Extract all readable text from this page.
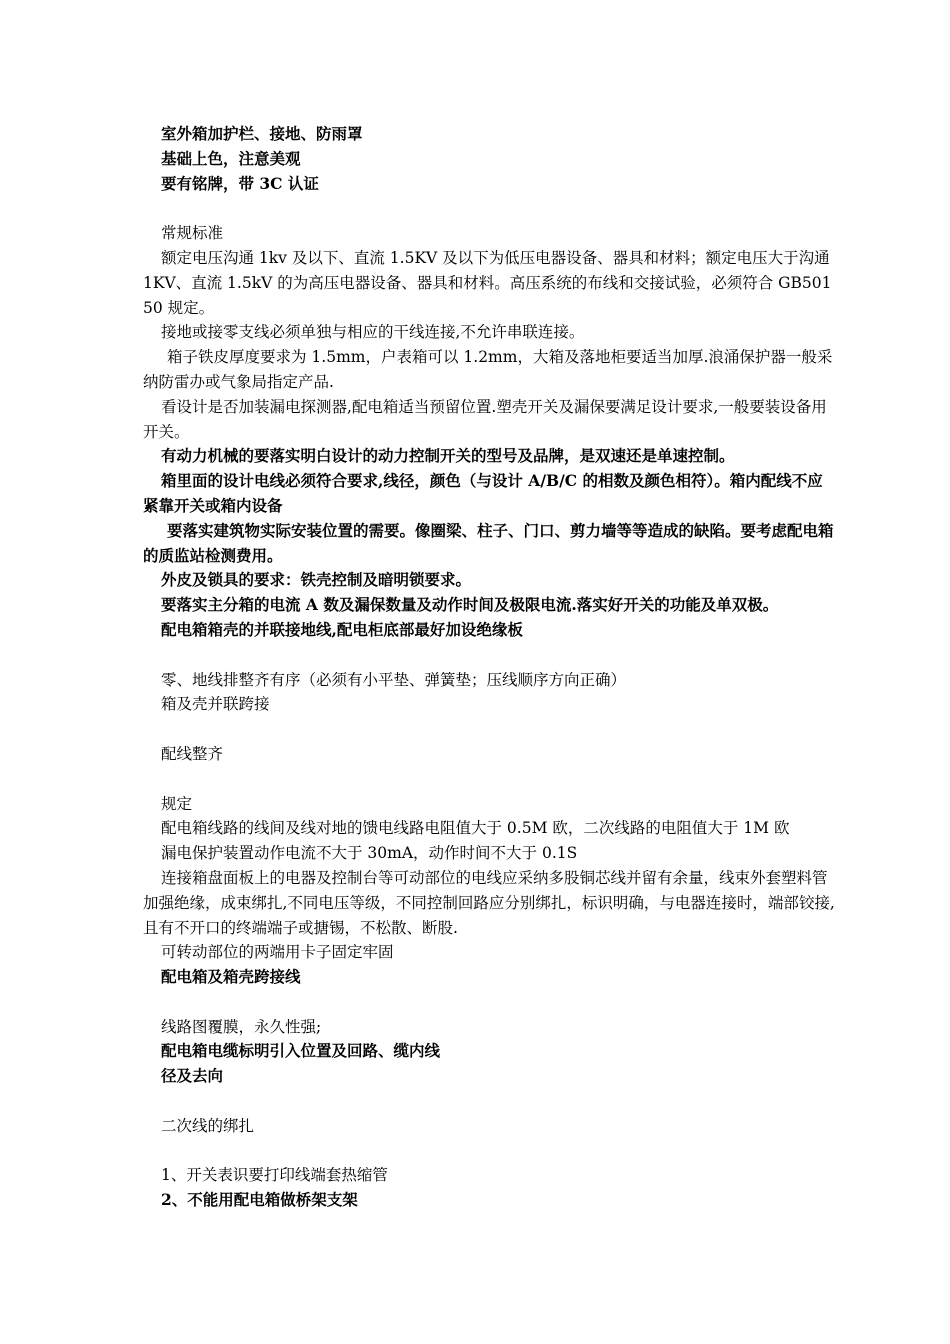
室外箱加护栏、接地、防雨罩

基础上色，注意美观

要有铭牌，带 3C 认证

常规标准

额定电压沟通 1kv 及以下、直流 1.5KV 及以下为低压电器设备、器具和材料；额定电压大于沟通 1KV、直流 1.5kV 的为高压电器设备、器具和材料。高压系统的布线和交接试验，必须符合 GB50150 规定。

接地或接零支线必须单独与相应的干线连接,不允许串联连接。

箱子铁皮厚度要求为 1.5mm，户表箱可以 1.2mm，大箱及落地柜要适当加厚.浪涌保护器一般采纳防雷办或气象局指定产品.

看设计是否加装漏电探测器,配电箱适当预留位置.塑壳开关及漏保要满足设计要求,一般要装设备用开关。

有动力机械的要落实明白设计的动力控制开关的型号及品牌，是双速还是单速控制。

箱里面的设计电线必须符合要求,线径，颜色（与设计 A/B/C 的相数及颜色相符）。箱内配线不应紧靠开关或箱内设备

要落实建筑物实际安装位置的需要。像圈梁、柱子、门口、剪力墙等等造成的缺陷。要考虑配电箱的质监站检测费用。

外皮及锁具的要求：铁壳控制及暗明锁要求。

要落实主分箱的电流 A 数及漏保数量及动作时间及极限电流.落实好开关的功能及单双极。

配电箱箱壳的并联接地线,配电柜底部最好加设绝缘板

零、地线排整齐有序（必须有小平垫、弹簧垫；压线顺序方向正确）

箱及壳并联跨接

配线整齐

规定

配电箱线路的线间及线对地的馈电线路电阻值大于 0.5M 欧，二次线路的电阻值大于 1M 欧

漏电保护装置动作电流不大于 30mA，动作时间不大于 0.1S

连接箱盘面板上的电器及控制台等可动部位的电线应采纳多股铜芯线并留有余量，线束外套塑料管加强绝缘，成束绑扎,不同电压等级，不同控制回路应分别绑扎，标识明确，与电器连接时，端部铰接,且有不开口的终端端子或搪锡，不松散、断股.

可转动部位的两端用卡子固定牢固

配电箱及箱壳跨接线

线路图覆膜，永久性强;

配电箱电缆标明引入位置及回路、缆内线

径及去向

二次线的绑扎

1、开关表识要打印线端套热缩管

2、不能用配电箱做桥架支架
